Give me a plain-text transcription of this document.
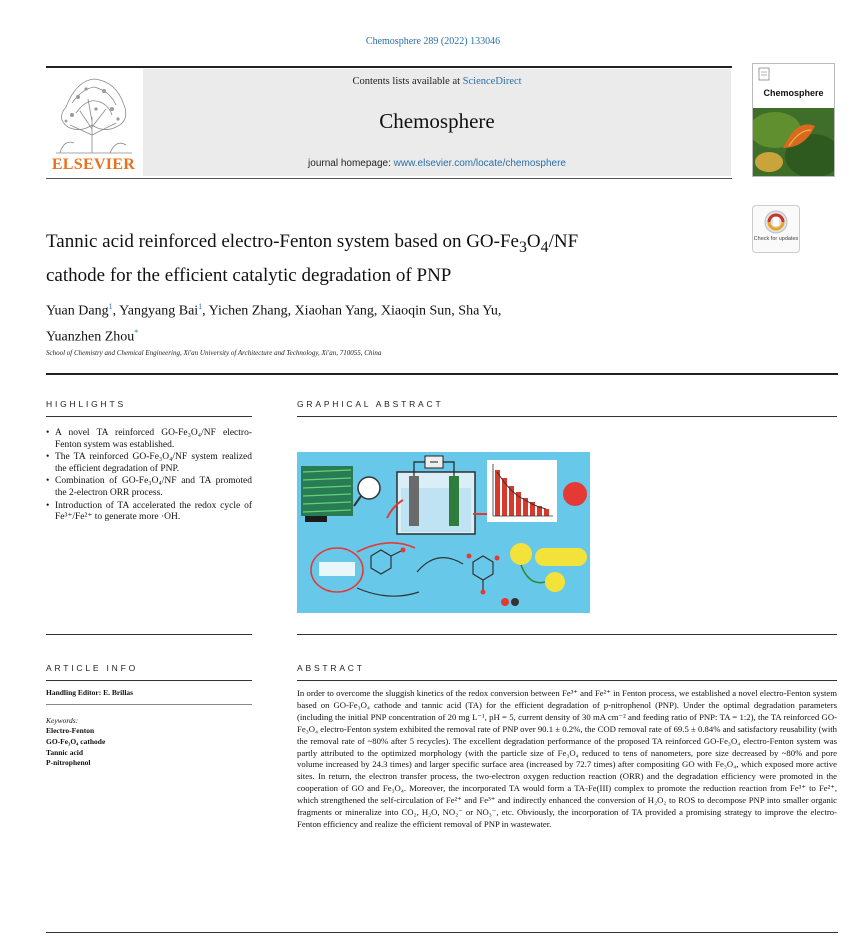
Chemosphere 289 (2022) 133046
ELSEVIER
Contents lists available at ScienceDirect
Chemosphere
journal homepage: www.elsevier.com/locate/chemosphere
Chemosphere
Check for updates
Tannic acid reinforced electro-Fenton system based on $GO-Fe_3O_4/NF$
cathode for the efficient catalytic degradation of PNP
Yuan Dang$^1$, Yangyang Bai$^1$, Yichen Zhang, Xiaohan Yang, Xiaoqin Sun, Sha Yu,
Yuanzhen Zhou*
School of Chemistry and Chemical Engineering, Xi'an University of Architecture and Technology, Xi'an, 710055, China
HIGHLIGHTS
• A novel TA reinforced GO-Fe₃O₄/NF electro-Fenton system was established.
• The TA reinforced GO-Fe₃O₄/NF system realized the efficient degradation of PNP.
• Combination of GO-Fe₃O₄/NF and TA promoted the 2-electron ORR process.
• Introduction of TA accelerated the redox cycle of Fe³⁺/Fe²⁺ to generate more ·OH.
GRAPHICAL ABSTRACT
ARTICLE INFO
Handling Editor: E. Brillas
Keywords:
Electro-Fenton
GO-Fe₃O₄ cathode
Tannic acid
P-nitrophenol
ABSTRACT
In order to overcome the sluggish kinetics of the redox conversion between Fe³⁺ and Fe²⁺ in Fenton process, we established a novel electro-Fenton system based on GO-Fe₃O₄ cathode and tannic acid (TA) for the efficient degradation of p-nitrophenol (PNP). Under the optimal degradation parameters (including the initial PNP concentration of 20 mg L⁻¹, pH = 5, current density of 30 mA cm⁻² and feeding ratio of PNP: TA = 1:2), the TA reinforced GO-Fe₃O₄ electro-Fenton system exhibited the removal rate of PNP over 90.1 ± 0.2%, the COD removal rate of 69.5 ± 0.84% and satisfactory reusability (with the removal rate of ~80% after 5 recycles). The excellent degradation performance of the proposed TA reinforced GO-Fe₃O₄ electro-Fenton system was partly attributed to the optimized morphology (with the particle size of Fe₃O₄ reduced to tens of nanometers, pore size decreased by ~80% and pore volume increased by 24.3 times) and larger specific surface area (increased by 72.7 times) after compositing GO with Fe₃O₄, which exposed more active sites. In return, the electron transfer process, the two-electron oxygen reduction reaction (ORR) and the degradation efficiency were promoted in the cooperation of GO and Fe₃O₄. Moreover, the incorporated TA would form a TA-Fe(III) complex to promote the reduction reaction from Fe³⁺ to Fe²⁺, which strengthened the self-circulation of Fe²⁺ and Fe³⁺ and indirectly enhanced the conversion of H₂O₂ to ROS to decompose PNP into smaller organic fragments or mineralize into CO₂, H₂O, NO₂⁻ or NO₃⁻, etc. Obviously, the incorporation of TA provided a promising strategy to improve the electro-Fenton efficiency and realize the efficient removal of PNP in wastewater.
